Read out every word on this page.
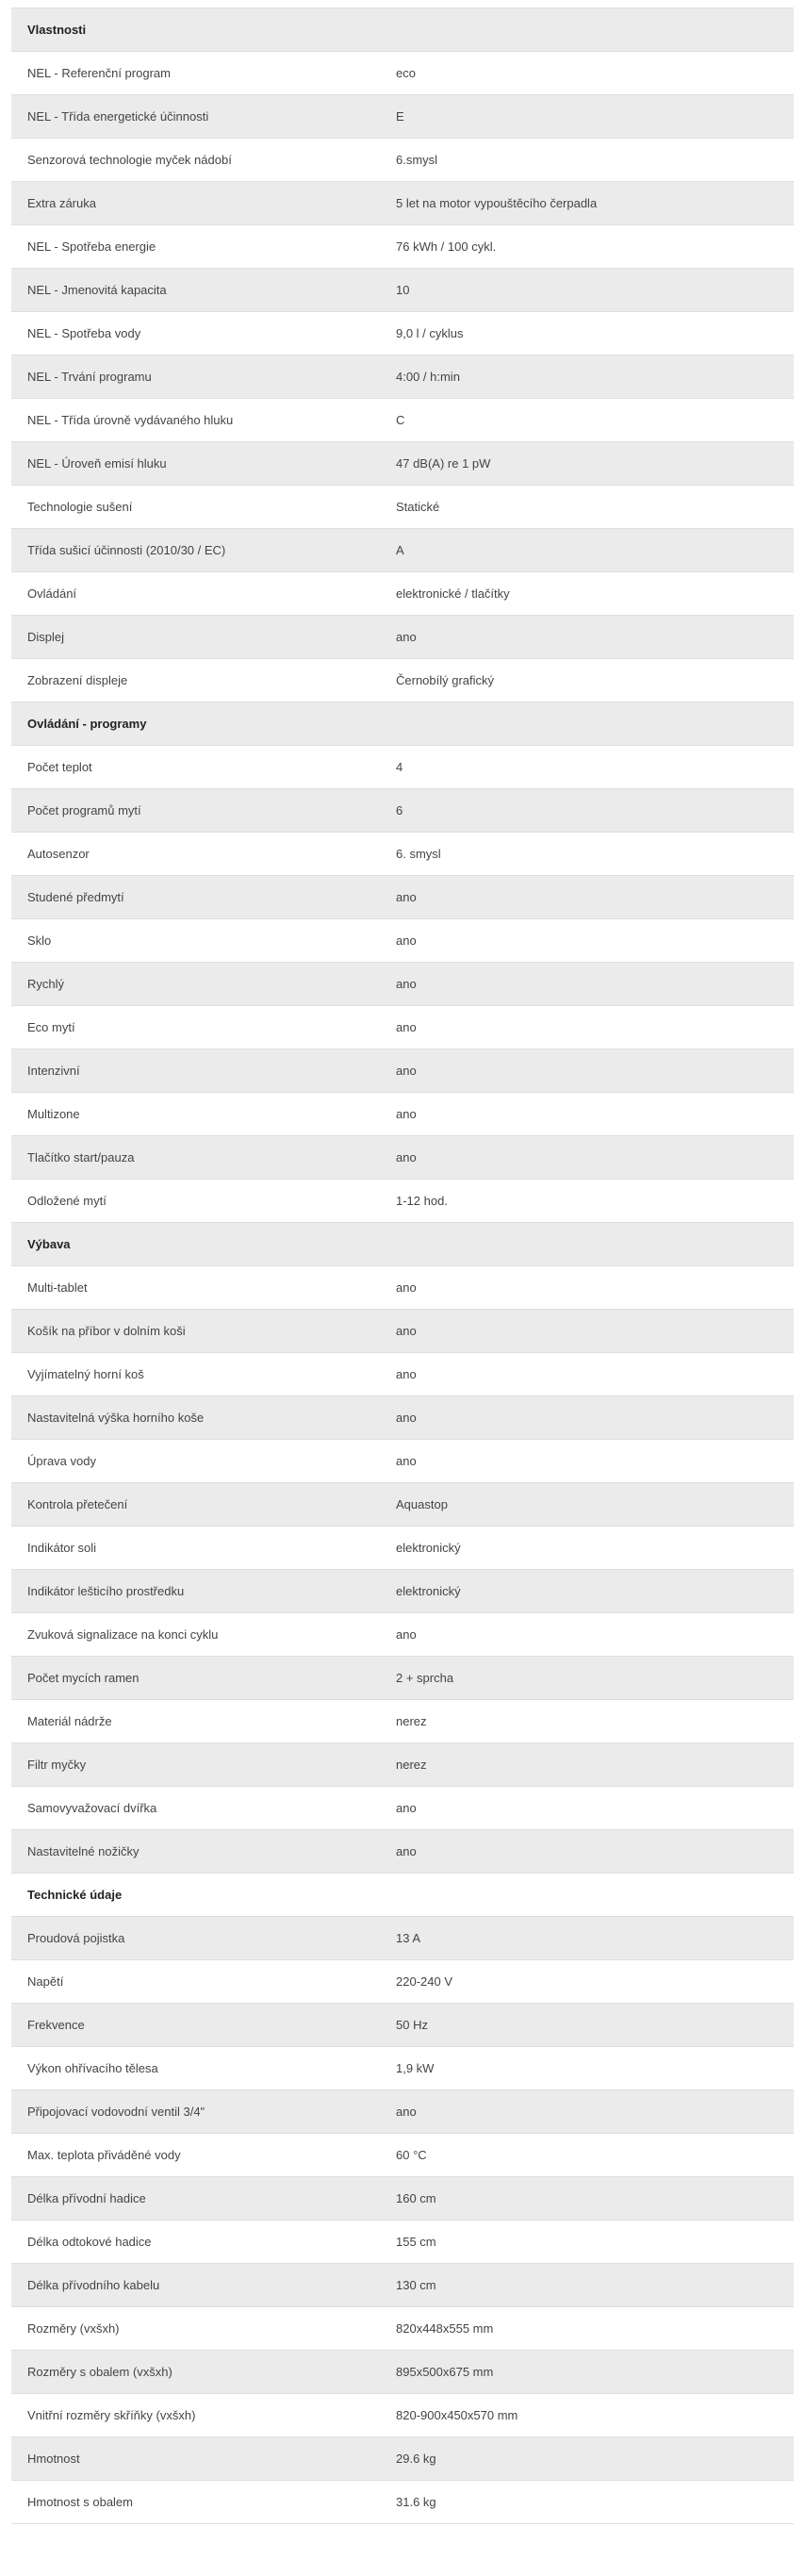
Vlastnosti
NEL - Referenční program	eco
NEL - Třída energetické účinnosti	E
Senzorová technologie myček nádobí	6.smysl
Extra záruka	5 let na motor vypouštěcího čerpadla
NEL - Spotřeba energie	76 kWh / 100 cykl.
NEL - Jmenovitá kapacita	10
NEL - Spotřeba vody	9,0 l / cyklus
NEL - Trvání programu	4:00 / h:min
NEL - Třída úrovně vydávaného hluku	C
NEL - Úroveň emisí hluku	47 dB(A) re 1 pW
Technologie sušení	Statické
Třída sušicí účinnosti (2010/30 / EC)	A
Ovládání	elektronické / tlačítky
Displej	ano
Zobrazení displeje	Černobílý grafický
Ovládání - programy
Počet teplot	4
Počet programů mytí	6
Autosenzor	6. smysl
Studené předmytí	ano
Sklo	ano
Rychlý	ano
Eco mytí	ano
Intenzivní	ano
Multizone	ano
Tlačítko start/pauza	ano
Odložené mytí	1-12 hod.
Výbava
Multi-tablet	ano
Košík na příbor v dolním koši	ano
Vyjímatelný horní koš	ano
Nastavitelná výška horního koše	ano
Úprava vody	ano
Kontrola přetečení	Aquastop
Indikátor soli	elektronický
Indikátor lešticího prostředku	elektronický
Zvuková signalizace na konci cyklu	ano
Počet mycích ramen	2 + sprcha
Materiál nádrže	nerez
Filtr myčky	nerez
Samovyvažovací dvířka	ano
Nastavitelné nožičky	ano
Technické údaje
Proudová pojistka	13 A
Napětí	220-240 V
Frekvence	50 Hz
Výkon ohřívacího tělesa	1,9 kW
Připojovací vodovodní ventil 3/4"	ano
Max. teplota přiváděné vody	60 °C
Délka přívodní hadice	160 cm
Délka odtokové hadice	155 cm
Délka přívodního kabelu	130 cm
Rozměry (vxšxh)	820x448x555 mm
Rozměry s obalem (vxšxh)	895x500x675 mm
Vnitřní rozměry skříňky (vxšxh)	820-900x450x570 mm
Hmotnost	29.6 kg
Hmotnost s obalem	31.6 kg
